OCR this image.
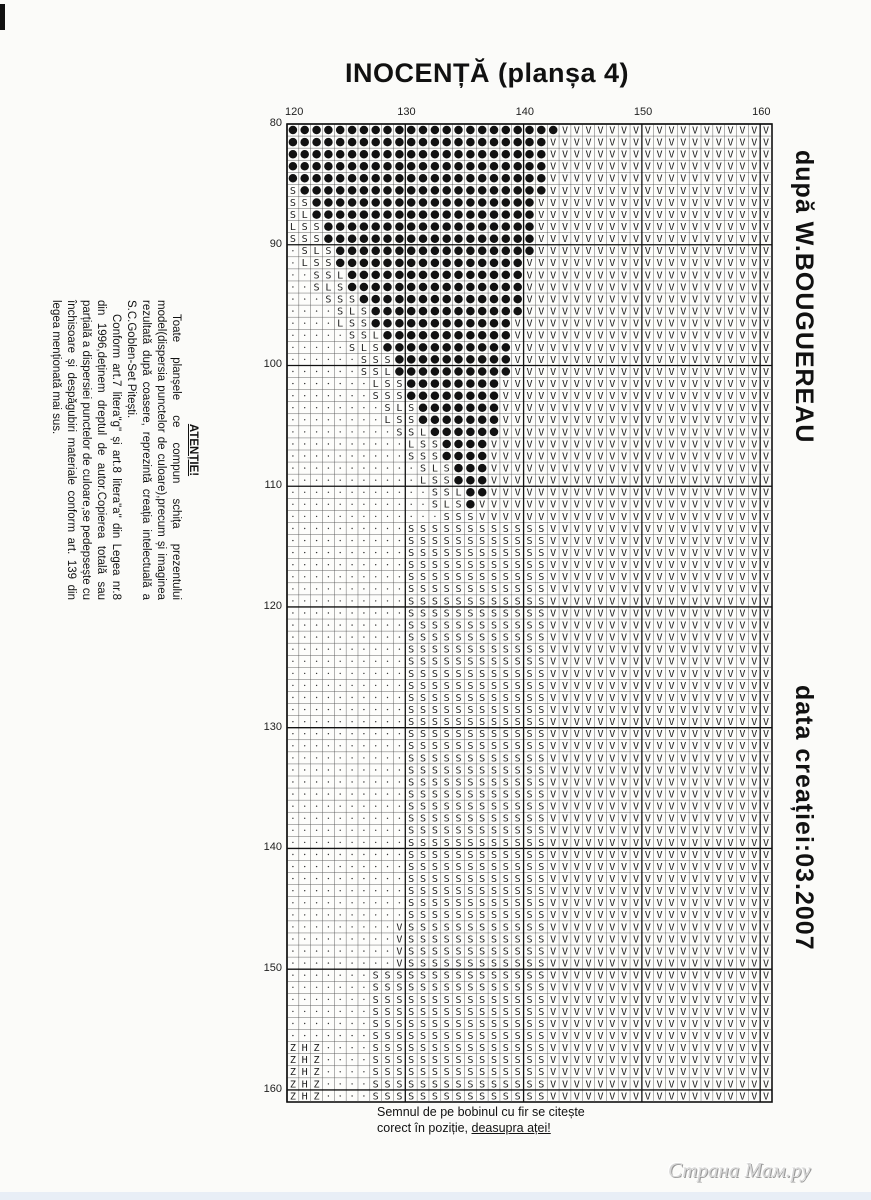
INOCENȚĂ (planșa 4)
după W.BOUGUEREAU
data creației:03.2007
ATENȚIE!

Toate planșele ce compun schița prezentului model(dispersia punctelor de culoare),precum și imaginea rezultată după coasere, reprezintă creația intelectuală a S.C.Goblen-Set Pitești.

Conform art.7 litera"g" și art.8 litera"a" din Legea nr.8 din 1996,deținem dreptul de autor.Copierea totală sau parțială a dispersiei punctelor de culoare,se pedepsește cu închisoare și despăgubiri materiale conform art. 139 din legea menționată mai sus.

120	130	140	150	160
80
90
100
110
120
130
140
150
160
V V V V V V V V V V V V V V V V V V
V V V V V V V V V V V V V V V V V V V
V V V V V V V V V V V V V V V V V V V
V V V V V V V V V V V V V V V V V V V
V V V V V V V V V V V V V V V V V V V
S	V V V V V V V V V V V V V V V V V V V
S S	V V V V V V V V V V V V V V V V V V V V
S L	V V V V V V V V V V V V V V V V V V V V
L S S	V V V V V V V V V V V V V V V V V V V V
S S S	V V V V V V V V V V V V V V V V V V V V
S L S	V V V V V V V V V V V V V V V V V V V V
L S S	V V V V V V V V V V V V V V V V V V V V V
S S L	V V V V V V V V V V V V V V V V V V V V V
S L S	V V V V V V V V V V V V V V V V V V V V V
S S S	V V V V V V V V V V V V V V V V V V V V V
S L S	V V V V V V V V V V V V V V V V V V V V V
L S S	V V V V V V V V V V V V V V V V V V V V V V
S S L	V V V V V V V V V V V V V V V V V V V V V V
S L S	V V V V V V V V V V V V V V V V V V V V V V
S S S	V V V V V V V V V V V V V V V V V V V V V V
S S L	V V V V V V V V V V V V V V V V V V V V V V
L S S	V V V V V V V V V V V V V V V V V V V V V V V
S S S	V V V V V V V V V V V V V V V V V V V V V V V
S L S	V V V V V V V V V V V V V V V V V V V V V V V
L S S	V V V V V V V V V V V V V V V V V V V V V V V
S S L	V V V V V V V V V V V V V V V V V V V V V V V
L S S	V V V V V V V V V V V V V V V V V V V V V V V V
S S S	V V V V V V V V V V V V V V V V V V V V V V V V
S L S	V V V V V V V V V V V V V V V V V V V V V V V V
L S S	V V V V V V V V V V V V V V V V V V V V V V V V
S S L	V V V V V V V V V V V V V V V V V V V V V V V V
S L S V V V V V V V V V V V V V V V V V V V V V V V V V
S S S V V V V V V V V V V V V V V V V V V V V V V V V V
S S S S S S S S S S S S V V V V V V V V V V V V V V V V V V V
S S S S S S S S S S S S V V V V V V V V V V V V V V V V V V V
S S S S S S S S S S S S V V V V V V V V V V V V V V V V V V V
S S S S S S S S S S S S V V V V V V V V V V V V V V V V V V V
S S S S S S S S S S S S V V V V V V V V V V V V V V V V V V V
S S S S S S S S S S S S V V V V V V V V V V V V V V V V V V V
S S S S S S S S S S S S V V V V V V V V V V V V V V V V V V V
S S S S S S S S S S S S V V V V V V V V V V V V V V V V V V V
S S S S S S S S S S S S V V V V V V V V V V V V V V V V V V V
S S S S S S S S S S S S V V V V V V V V V V V V V V V V V V V
S S S S S S S S S S S S V V V V V V V V V V V V V V V V V V V
S S S S S S S S S S S S V V V V V V V V V V V V V V V V V V V
S S S S S S S S S S S S V V V V V V V V V V V V V V V V V V V
S S S S S S S S S S S S V V V V V V V V V V V V V V V V V V V
S S S S S S S S S S S S V V V V V V V V V V V V V V V V V V V
S S S S S S S S S S S S V V V V V V V V V V V V V V V V V V V
S S S S S S S S S S S S V V V V V V V V V V V V V V V V V V V
S S S S S S S S S S S S V V V V V V V V V V V V V V V V V V V
S S S S S S S S S S S S V V V V V V V V V V V V V V V V V V V
S S S S S S S S S S S S V V V V V V V V V V V V V V V V V V V
S S S S S S S S S S S S V V V V V V V V V V V V V V V V V V V
S S S S S S S S S S S S V V V V V V V V V V V V V V V V V V V
S S S S S S S S S S S S V V V V V V V V V V V V V V V V V V V
S S S S S S S S S S S S V V V V V V V V V V V V V V V V V V V
S S S S S S S S S S S S V V V V V V V V V V V V V V V V V V V
S S S S S S S S S S S S V V V V V V V V V V V V V V V V V V V
S S S S S S S S S S S S V V V V V V V V V V V V V V V V V V V
S S S S S S S S S S S S V V V V V V V V V V V V V V V V V V V
S S S S S S S S S S S S V V V V V V V V V V V V V V V V V V V
S S S S S S S S S S S S V V V V V V V V V V V V V V V V V V V
S S S S S S S S S S S S V V V V V V V V V V V V V V V V V V V
S S S S S S S S S S S S V V V V V V V V V V V V V V V V V V V
S S S S S S S S S S S S V V V V V V V V V V V V V V V V V V V
V S S S S S S S S S S S S V V V V V V V V V V V V V V V V V V V
V S S S S S S S S S S S S V V V V V V V V V V V V V V V V V V V
V S S S S S S S S S S S S V V V V V V V V V V V V V V V V V V V
V S S S S S S S S S S S S V V V V V V V V V V V V V V V V V V V
S S S S S S S S S S S S S S S V V V V V V V V V V V V V V V V V V V
S S S S S S S S S S S S S S S V V V V V V V V V V V V V V V V V V V
S S S S S S S S S S S S S S S V V V V V V V V V V V V V V V V V V V
S S S S S S S S S S S S S S S V V V V V V V V V V V V V V V V V V V
S S S S S S S S S S S S S S S V V V V V V V V V V V V V V V V V V V
S S S S S S S S S S S S S S S V V V V V V V V V V V V V V V V V V V
Z H Z	S S S S S S S S S S S S S S S V V V V V V V V V V V V V V V V V V V
Z H Z	S S S S S S S S S S S S S S S V V V V V V V V V V V V V V V V V V V
Z H Z	S S S S S S S S S S S S S S S V V V V V V V V V V V V V V V V V V V
Z H Z	S S S S S S S S S S S S S S S V V V V V V V V V V V V V V V V V V V
Z H Z	S S S S S S S S S S S S S S S V V V V V V V V V V V V V V V V V V V
Semnul de pe bobinul cu fir se citește
corect în poziție, deasupra aței!
Страна Мам.ру
